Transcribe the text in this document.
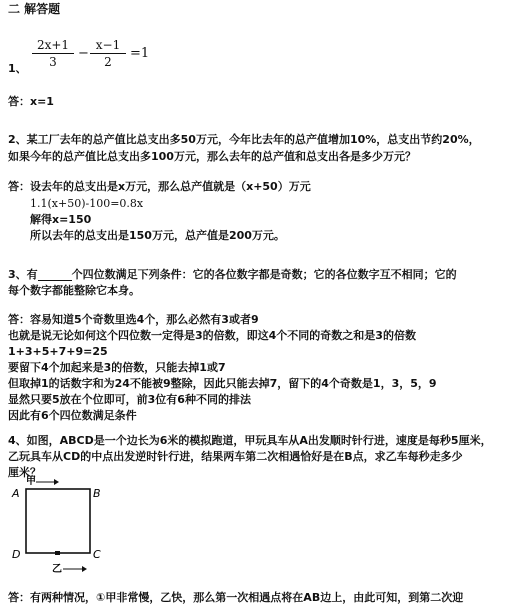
二 解答题
1、
2x+1
3
−
x−1
2
=1
答：x=1
2、某工厂去年的总产值比总支出多50万元，今年比去年的总产值增加10%，总支出节约20%，
如果今年的总产值比总支出多100万元，那么去年的总产值和总支出各是多少万元？
答：设去年的总支出是x万元，那么总产值就是（x+50）万元
1.1(x+50)-100=0.8x
解得x=150
所以去年的总支出是150万元，总产值是200万元。
3、有	个四位数满足下列条件：它的各位数字都是奇数；它的各位数字互不相同；它的
每个数字都能整除它本身。
答：容易知道5个奇数里选4个，那么必然有3或者9
也就是说无论如何这个四位数一定得是3的倍数，即这4个不同的奇数之和是3的倍数
1+3+5+7+9=25
要留下4个加起来是3的倍数，只能去掉1或7
但取掉1的话数字和为24不能被9整除，因此只能去掉7，留下的4个奇数是1，3，5，9
显然只要5放在个位即可，前3位有6种不同的排法
因此有6个四位数满足条件
4、如图，ABCD是一个边长为6米的模拟跑道，甲玩具车从A出发顺时针行进，速度是每秒5厘米，
乙玩具车从CD的中点出发逆时针行进，结果两车第二次相遇恰好是在B点，求乙车每秒走多少
厘米？
甲
A	B
D	C
乙
答：有两种情况，①甲非常慢，乙快，那么第一次相遇点将在AB边上，由此可知，到第二次迎
